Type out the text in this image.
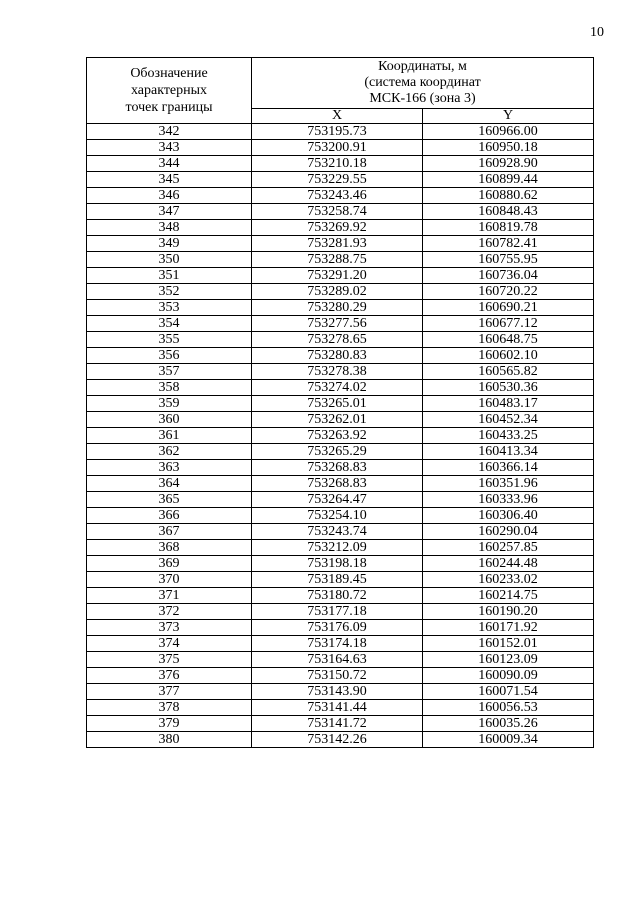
10
Обозначение
характерных
точек границы	Координаты, м
(система координат
МСК-166 (зона 3)	

	X	Y
342	753195.73	160966.00
343	753200.91	160950.18
344	753210.18	160928.90
345	753229.55	160899.44
346	753243.46	160880.62
347	753258.74	160848.43
348	753269.92	160819.78
349	753281.93	160782.41
350	753288.75	160755.95
351	753291.20	160736.04
352	753289.02	160720.22
353	753280.29	160690.21
354	753277.56	160677.12
355	753278.65	160648.75
356	753280.83	160602.10
357	753278.38	160565.82
358	753274.02	160530.36
359	753265.01	160483.17
360	753262.01	160452.34
361	753263.92	160433.25
362	753265.29	160413.34
363	753268.83	160366.14
364	753268.83	160351.96
365	753264.47	160333.96
366	753254.10	160306.40
367	753243.74	160290.04
368	753212.09	160257.85
369	753198.18	160244.48
370	753189.45	160233.02
371	753180.72	160214.75
372	753177.18	160190.20
373	753176.09	160171.92
374	753174.18	160152.01
375	753164.63	160123.09
376	753150.72	160090.09
377	753143.90	160071.54
378	753141.44	160056.53
379	753141.72	160035.26
380	753142.26	160009.34
